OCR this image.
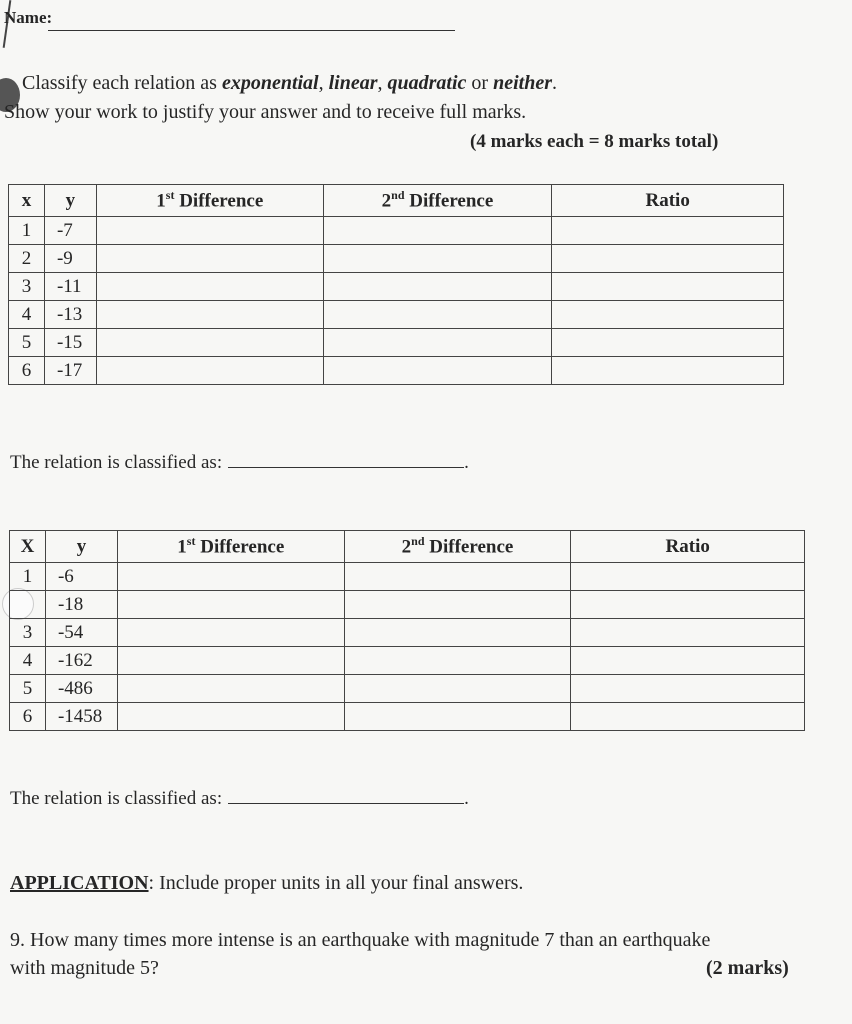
Name:
Classify each relation as exponential, linear, quadratic or neither.
Show your work to justify your answer and to receive full marks.
(4 marks each = 8 marks total)
x	y	1st Difference	2nd Difference	Ratio
1	-7			
2	-9			
3	-11			
4	-13			
5	-15			
6	-17			
The relation is classified as:	.
X	y	1st Difference	2nd Difference	Ratio
1	-6			
	-18			
3	-54			
4	-162			
5	-486			
6	-1458			
The relation is classified as:	.
APPLICATION: Include proper units in all your final answers.
9. How many times more intense is an earthquake with magnitude 7 than an earthquake
with magnitude 5?	(2 marks)
